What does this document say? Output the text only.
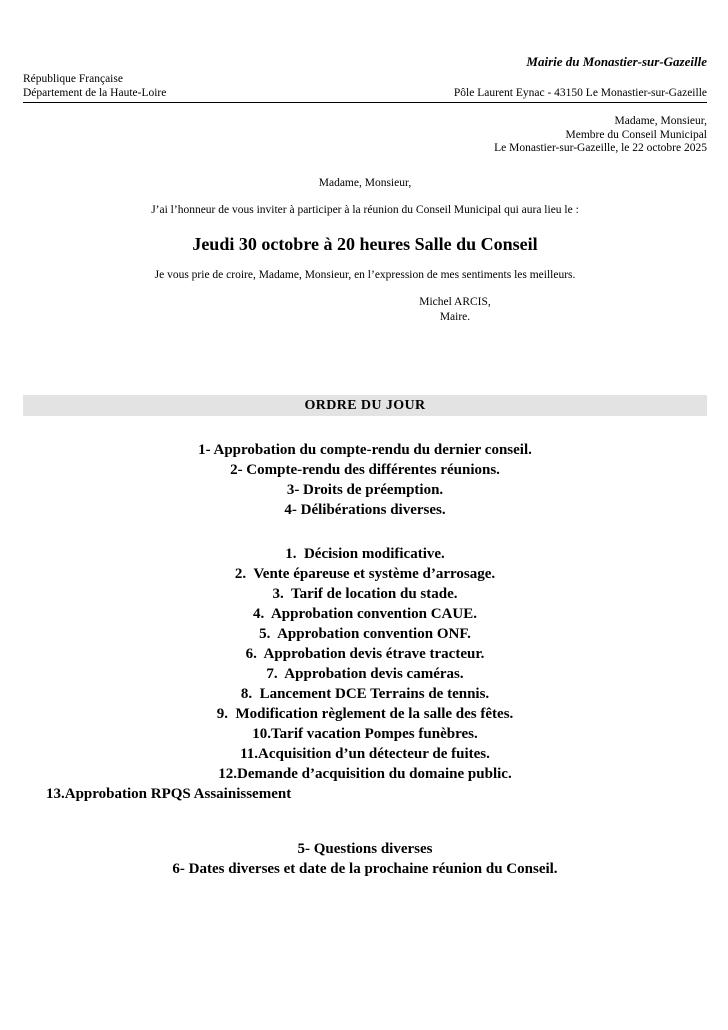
Mairie du Monastier-sur-Gazeille
République Française
Département de la Haute-Loire	Pôle Laurent Eynac - 43150 Le Monastier-sur-Gazeille
Madame, Monsieur,
Membre du Conseil Municipal
Le Monastier-sur-Gazeille, le 22 octobre 2025
Madame, Monsieur,
J’ai l’honneur de vous inviter à participer à la réunion du Conseil Municipal qui aura lieu le :
Jeudi 30 octobre à 20 heures Salle du Conseil
Je vous prie de croire, Madame, Monsieur, en l’expression de mes sentiments les meilleurs.
Michel ARCIS,
Maire.
ORDRE DU JOUR
1- Approbation du compte-rendu du dernier conseil.
2- Compte-rendu des différentes réunions.
3- Droits de préemption.
4- Délibérations diverses.
1.  Décision modificative.
2.  Vente épareuse et système d’arrosage.
3.  Tarif de location du stade.
4.  Approbation convention CAUE.
5.  Approbation convention ONF.
6.  Approbation devis étrave tracteur.
7.  Approbation devis caméras.
8.  Lancement DCE Terrains de tennis.
9.  Modification règlement de la salle des fêtes.
10.Tarif vacation Pompes funèbres.
11.Acquisition d’un détecteur de fuites.
12.Demande d’acquisition du domaine public.
13.Approbation RPQS Assainissement
5- Questions diverses
6- Dates diverses et date de la prochaine réunion du Conseil.
